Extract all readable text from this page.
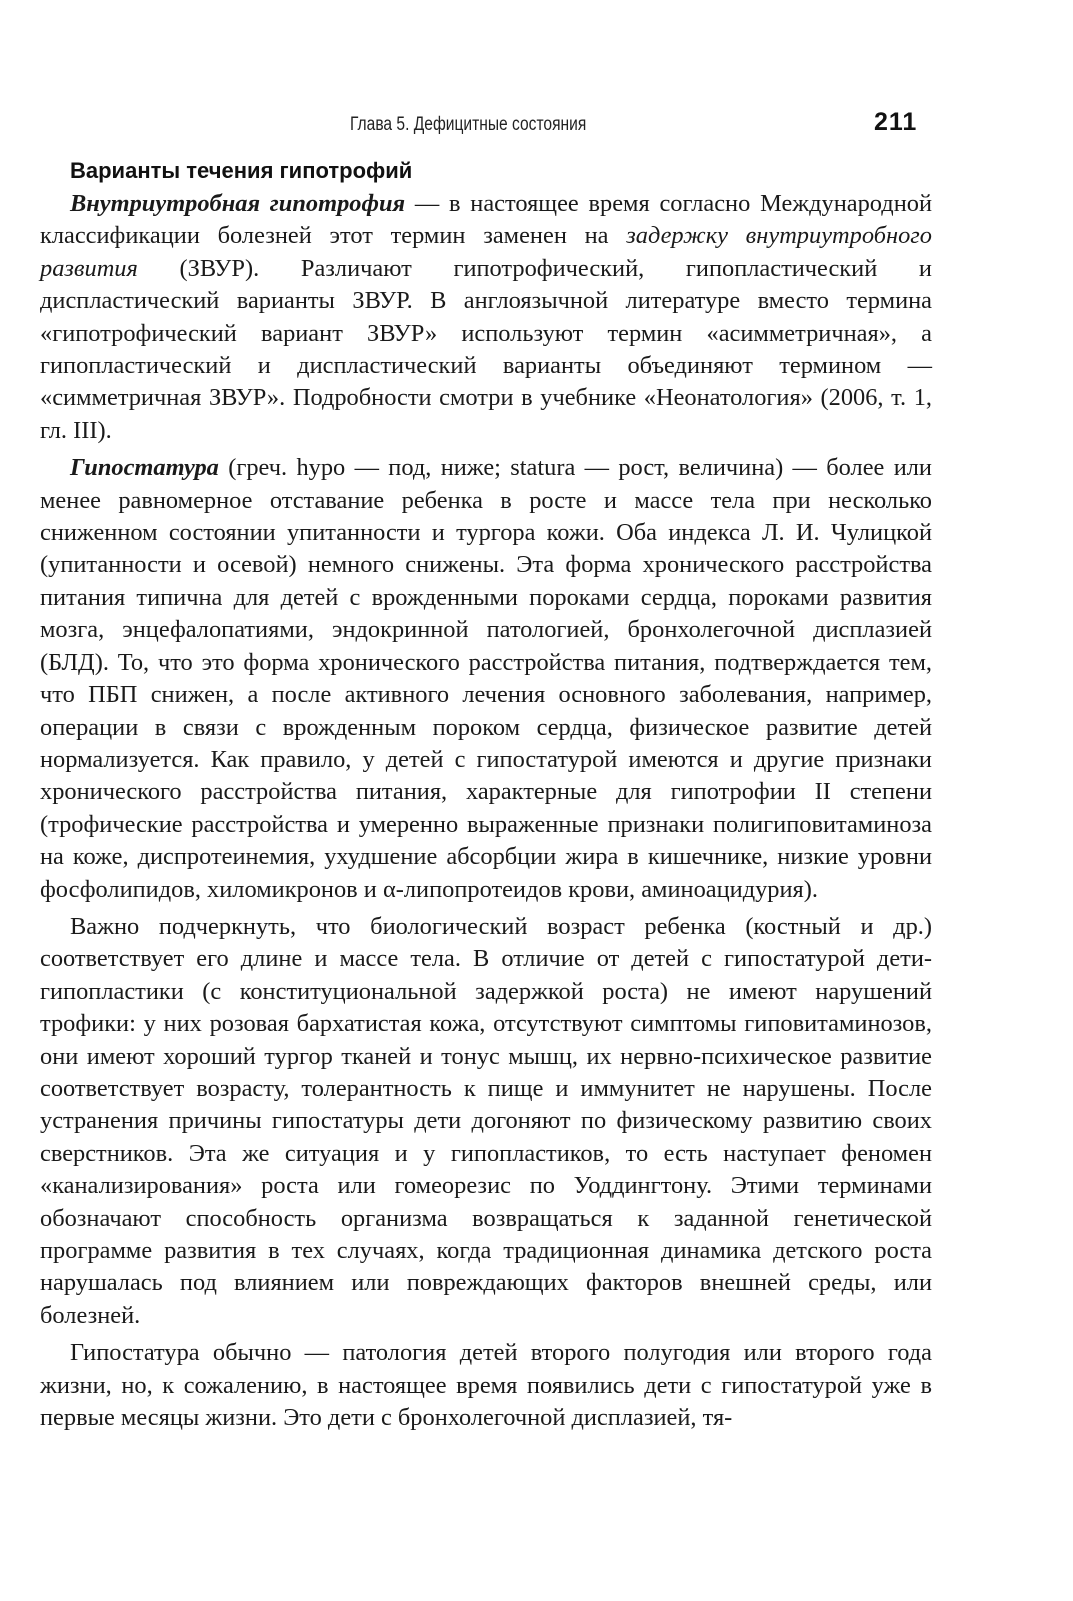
Глава 5. Дефицитные состояния	211
Варианты течения гипотрофий

Внутриутробная гипотрофия — в настоящее время согласно Международной классификации болезней этот термин заменен на задержку внутриутробного развития (ЗВУР). Различают гипотрофический, гипопластический и диспластический варианты ЗВУР. В англоязычной литературе вместо термина «гипотрофический вариант ЗВУР» используют термин «асимметричная», а гипопластический и диспластический варианты объединяют термином — «симметричная ЗВУР». Подробности смотри в учебнике «Неонатология» (2006, т. 1, гл. III).

Гипостатура (греч. hypo — под, ниже; statura — рост, величина) — более или менее равномерное отставание ребенка в росте и массе тела при несколько сниженном состоянии упитанности и тургора кожи. Оба индекса Л. И. Чулицкой (упитанности и осевой) немного снижены. Эта форма хронического расстройства питания типична для детей с врожденными пороками сердца, пороками развития мозга, энцефалопатиями, эндокринной патологией, бронхолегочной дисплазией (БЛД). То, что это форма хронического расстройства питания, подтверждается тем, что ПБП снижен, а после активного лечения основного заболевания, например, операции в связи с врожденным пороком сердца, физическое развитие детей нормализуется. Как правило, у детей с гипостатурой имеются и другие признаки хронического расстройства питания, характерные для гипотрофии II степени (трофические расстройства и умеренно выраженные признаки полигиповитаминоза на коже, диспротеинемия, ухудшение абсорбции жира в кишечнике, низкие уровни фосфолипидов, хиломикронов и α-липопротеидов крови, аминоацидурия).

Важно подчеркнуть, что биологический возраст ребенка (костный и др.) соответствует его длине и массе тела. В отличие от детей с гипостатурой дети-гипопластики (с конституциональной задержкой роста) не имеют нарушений трофики: у них розовая бархатистая кожа, отсутствуют симптомы гиповитаминозов, они имеют хороший тургор тканей и тонус мышц, их нервно-психическое развитие соответствует возрасту, толерантность к пище и иммунитет не нарушены. После устранения причины гипостатуры дети догоняют по физическому развитию своих сверстников. Эта же ситуация и у гипопластиков, то есть наступает феномен «канализирования» роста или гомеорезис по Уоддингтону. Этими терминами обозначают способность организма возвращаться к заданной генетической программе развития в тех случаях, когда традиционная динамика детского роста нарушалась под влиянием или повреждающих факторов внешней среды, или болезней.

Гипостатура обычно — патология детей второго полугодия или второго года жизни, но, к сожалению, в настоящее время появились дети с гипостатурой уже в первые месяцы жизни. Это дети с бронхолегочной дисплазией, тя-
